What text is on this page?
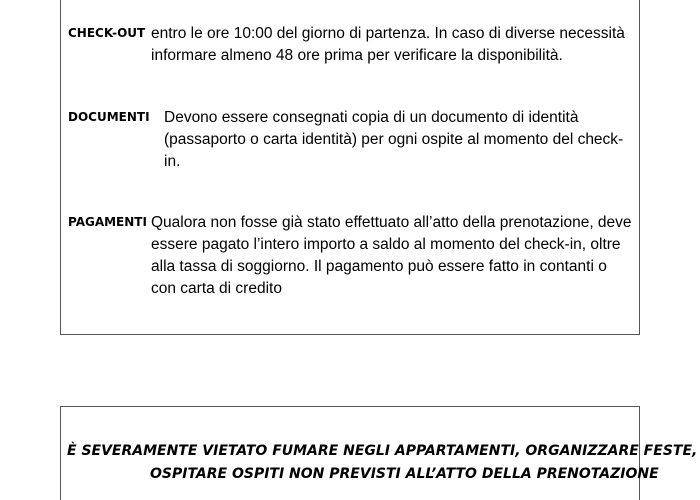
CHECK-OUT entro le ore 10:00 del giorno di partenza. In caso di diverse necessità informare almeno 48 ore prima per verificare la disponibilità.
DOCUMENTI Devono essere consegnati copia di un documento di identità (passaporto o carta identità) per ogni ospite al momento del check-in.
PAGAMENTI Qualora non fosse già stato effettuato all’atto della prenotazione, deve essere pagato l’intero importo a saldo al momento del check-in, oltre alla tassa di soggiorno. Il pagamento può essere fatto in contanti o con carta di credito
È SEVERAMENTE VIETATO FUMARE NEGLI APPARTAMENTI, ORGANIZZARE FESTE, OSPITARE OSPITI NON PREVISTI ALL’ATTO DELLA PRENOTAZIONE
